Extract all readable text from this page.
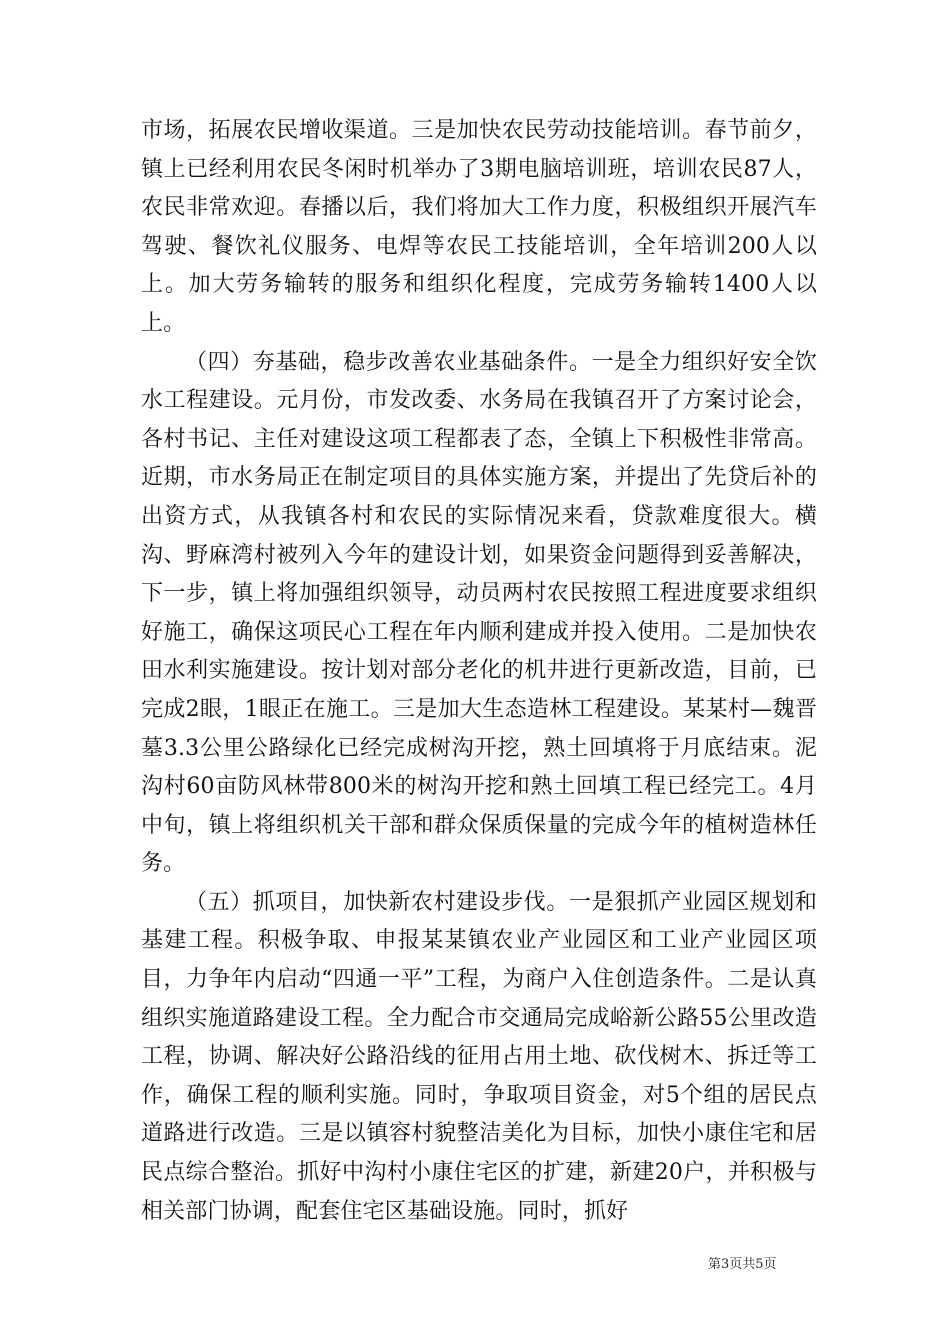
市场，拓展农民增收渠道。三是加快农民劳动技能培训。春节前夕，镇上已经利用农民冬闲时机举办了3期电脑培训班，培训农民87人，农民非常欢迎。春播以后，我们将加大工作力度，积极组织开展汽车驾驶、餐饮礼仪服务、电焊等农民工技能培训，全年培训200人以上。加大劳务输转的服务和组织化程度，完成劳务输转1400人以上。

（四）夯基础，稳步改善农业基础条件。一是全力组织好安全饮水工程建设。元月份，市发改委、水务局在我镇召开了方案讨论会，各村书记、主任对建设这项工程都表了态，全镇上下积极性非常高。近期，市水务局正在制定项目的具体实施方案，并提出了先贷后补的出资方式，从我镇各村和农民的实际情况来看，贷款难度很大。横沟、野麻湾村被列入今年的建设计划，如果资金问题得到妥善解决，下一步，镇上将加强组织领导，动员两村农民按照工程进度要求组织好施工，确保这项民心工程在年内顺利建成并投入使用。二是加快农田水利实施建设。按计划对部分老化的机井进行更新改造，目前，已完成2眼，1眼正在施工。三是加大生态造林工程建设。某某村—魏晋墓3.3公里公路绿化已经完成树沟开挖，熟土回填将于月底结束。泥沟村60亩防风林带800米的树沟开挖和熟土回填工程已经完工。4月中旬，镇上将组织机关干部和群众保质保量的完成今年的植树造林任务。

（五）抓项目，加快新农村建设步伐。一是狠抓产业园区规划和基建工程。积极争取、申报某某镇农业产业园区和工业产业园区项目，力争年内启动“四通一平”工程，为商户入住创造条件。二是认真组织实施道路建设工程。全力配合市交通局完成峪新公路55公里改造工程，协调、解决好公路沿线的征用占用土地、砍伐树木、拆迁等工作，确保工程的顺利实施。同时，争取项目资金，对5个组的居民点道路进行改造。三是以镇容村貌整洁美化为目标，加快小康住宅和居民点综合整治。抓好中沟村小康住宅区的扩建，新建20户，并积极与相关部门协调，配套住宅区基础设施。同时，抓好

第3页共5页
